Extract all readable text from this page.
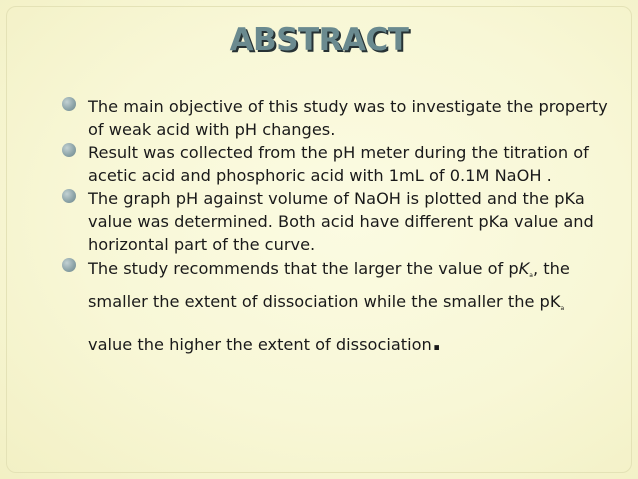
ABSTRACT
The main objective of this study was to investigate the property of weak acid with pH changes.
Result was collected from the pH meter during the titration of acetic acid and phosphoric acid with 1mL of 0.1M NaOH .
The graph pH against volume of NaOH is plotted and the pKa value was determined. Both acid have different pKa value and horizontal part of the curve.
The study recommends that the larger the value of $pK_a$, the smaller the extent of dissociation while the smaller the $pK_a$
value the higher the extent of dissociation.
